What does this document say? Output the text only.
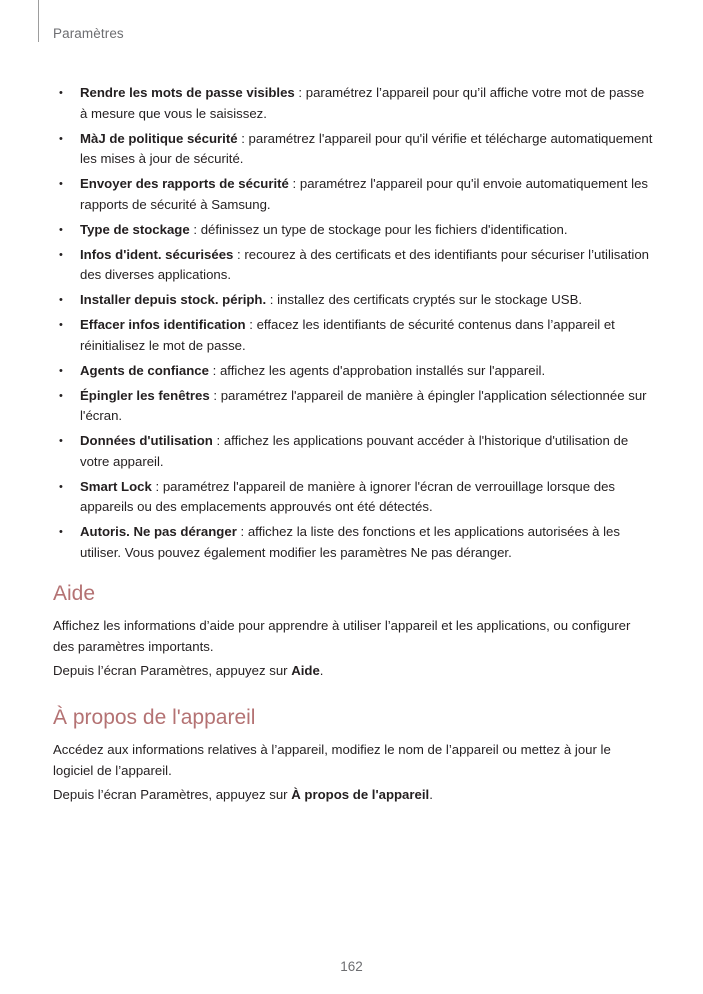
Paramètres
• Rendre les mots de passe visibles : paramétrez l’appareil pour qu’il affiche votre mot de passe à mesure que vous le saisissez.
• MàJ de politique sécurité : paramétrez l'appareil pour qu'il vérifie et télécharge automatiquement les mises à jour de sécurité.
• Envoyer des rapports de sécurité : paramétrez l'appareil pour qu'il envoie automatiquement les rapports de sécurité à Samsung.
• Type de stockage : définissez un type de stockage pour les fichiers d'identification.
• Infos d'ident. sécurisées : recourez à des certificats et des identifiants pour sécuriser l’utilisation des diverses applications.
• Installer depuis stock. périph. : installez des certificats cryptés sur le stockage USB.
• Effacer infos identification : effacez les identifiants de sécurité contenus dans l’appareil et réinitialisez le mot de passe.
• Agents de confiance : affichez les agents d'approbation installés sur l'appareil.
• Épingler les fenêtres : paramétrez l'appareil de manière à épingler l'application sélectionnée sur l'écran.
• Données d'utilisation : affichez les applications pouvant accéder à l'historique d'utilisation de votre appareil.
• Smart Lock : paramétrez l'appareil de manière à ignorer l'écran de verrouillage lorsque des appareils ou des emplacements approuvés ont été détectés.
• Autoris. Ne pas déranger : affichez la liste des fonctions et les applications autorisées à les utiliser. Vous pouvez également modifier les paramètres Ne pas déranger.
Aide

Affichez les informations d’aide pour apprendre à utiliser l’appareil et les applications, ou configurer des paramètres importants.

Depuis l’écran Paramètres, appuyez sur Aide.

À propos de l'appareil

Accédez aux informations relatives à l’appareil, modifiez le nom de l’appareil ou mettez à jour le logiciel de l’appareil.

Depuis l’écran Paramètres, appuyez sur À propos de l'appareil.

162
